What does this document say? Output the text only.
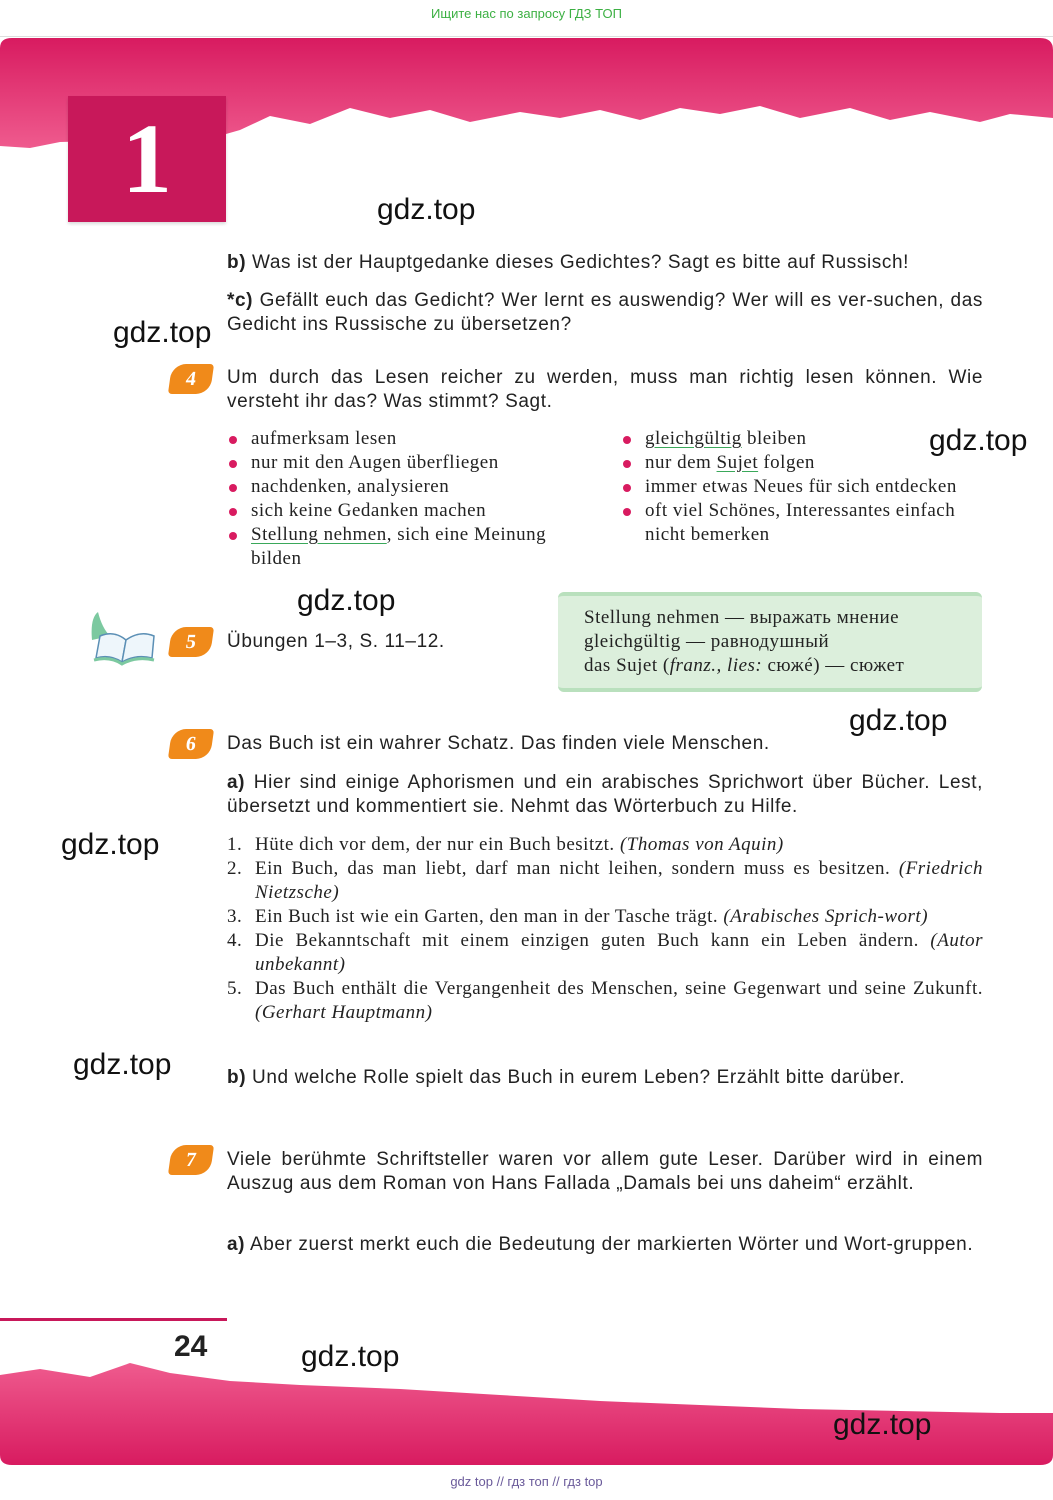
Ищите нас по запросу ГДЗ ТОП
1	gdz.top
gdz.top
gdz.top
gdz.top
gdz.top
gdz.top
gdz.top
gdz.top
gdz.top
b) Was ist der Hauptgedanke dieses Gedichtes? Sagt es bitte auf Russisch!
*c) Gefällt euch das Gedicht? Wer lernt es auswendig? Wer will es ver-suchen, das Gedicht ins Russische zu übersetzen?
4	Um durch das Lesen reicher zu werden, muss man richtig lesen können. Wie versteht ihr das? Was stimmt? Sagt.
aufmerksam lesen
nur mit den Augen überfliegen
nachdenken, analysieren
sich keine Gedanken machen
Stellung nehmen, sich eine Meinung bilden
gleichgültig bleiben
nur dem Sujet folgen
immer etwas Neues für sich entdecken
oft viel Schönes, Interessantes einfach nicht bemerken
5	Übungen 1–3, S. 11–12.
Stellung nehmen — выражать мнение
gleichgültig — равнодушный
das Sujet (franz., lies: сюжé) — сюжет
6	Das Buch ist ein wahrer Schatz. Das finden viele Menschen.
a) Hier sind einige Aphorismen und ein arabisches Sprichwort über Bücher. Lest, übersetzt und kommentiert sie. Nehmt das Wörterbuch zu Hilfe.
1. Hüte dich vor dem, der nur ein Buch besitzt. (Thomas von Aquin)
2. Ein Buch, das man liebt, darf man nicht leihen, sondern muss es besitzen. (Friedrich Nietzsche)
3. Ein Buch ist wie ein Garten, den man in der Tasche trägt. (Arabisches Sprich-wort)
4. Die Bekanntschaft mit einem einzigen guten Buch kann ein Leben ändern. (Autor unbekannt)
5. Das Buch enthält die Vergangenheit des Menschen, seine Gegenwart und seine Zukunft. (Gerhart Hauptmann)
b) Und welche Rolle spielt das Buch in eurem Leben? Erzählt bitte darüber.
7	Viele berühmte Schriftsteller waren vor allem gute Leser. Darüber wird in einem Auszug aus dem Roman von Hans Fallada „Damals bei uns daheim“ erzählt.
a) Aber zuerst merkt euch die Bedeutung der markierten Wörter und Wort-gruppen.
24
gdz top // гдз топ // гдз top
